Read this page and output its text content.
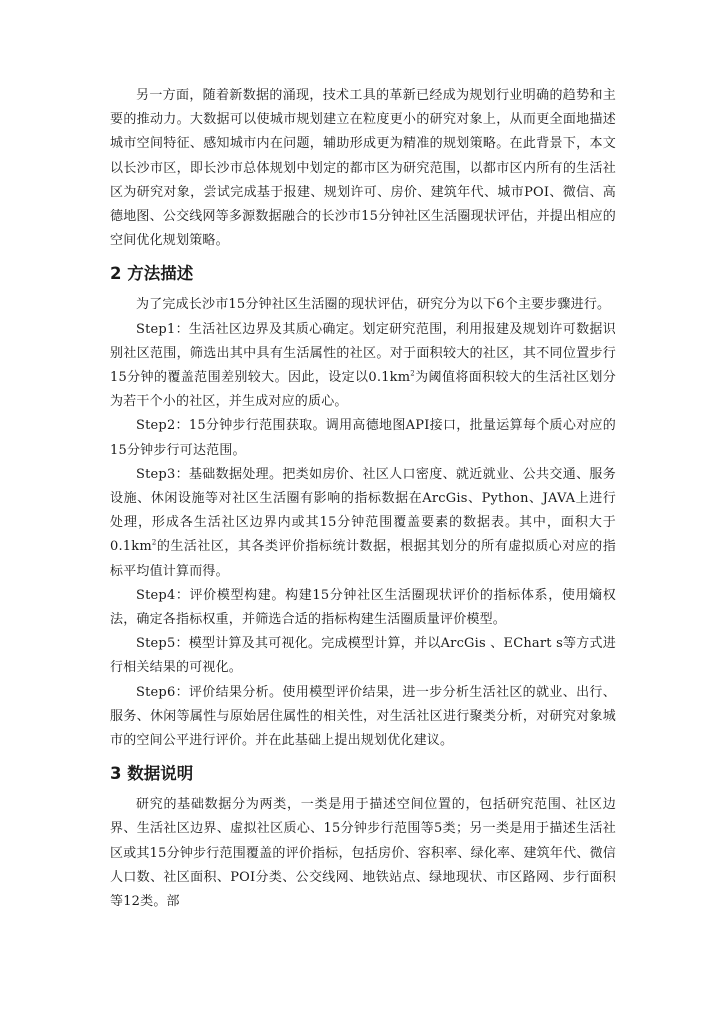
另一方面，随着新数据的涌现，技术工具的革新已经成为规划行业明确的趋势和主要的推动力。大数据可以使城市规划建立在粒度更小的研究对象上，从而更全面地描述城市空间特征、感知城市内在问题，辅助形成更为精准的规划策略。在此背景下，本文以长沙市区，即长沙市总体规划中划定的都市区为研究范围，以都市区内所有的生活社区为研究对象，尝试完成基于报建、规划许可、房价、建筑年代、城市POI、微信、高德地图、公交线网等多源数据融合的长沙市15分钟社区生活圈现状评估，并提出相应的空间优化规划策略。

2 方法描述

为了完成长沙市15分钟社区生活圈的现状评估，研究分为以下6个主要步骤进行。

Step1：生活社区边界及其质心确定。划定研究范围，利用报建及规划许可数据识别社区范围，筛选出其中具有生活属性的社区。对于面积较大的社区，其不同位置步行15分钟的覆盖范围差别较大。因此，设定以$0.1km^2$为阈值将面积较大的生活社区划分为若干个小的社区，并生成对应的质心。

Step2：15分钟步行范围获取。调用高德地图API接口，批量运算每个质心对应的15分钟步行可达范围。

Step3：基础数据处理。把类如房价、社区人口密度、就近就业、公共交通、服务设施、休闲设施等对社区生活圈有影响的指标数据在ArcGis、Python、JAVA上进行处理，形成各生活社区边界内或其15分钟范围覆盖要素的数据表。其中，面积大于$0.1km^2$的生活社区，其各类评价指标统计数据，根据其划分的所有虚拟质心对应的指标平均值计算而得。

Step4：评价模型构建。构建15分钟社区生活圈现状评价的指标体系，使用熵权法，确定各指标权重，并筛选合适的指标构建生活圈质量评价模型。

Step5：模型计算及其可视化。完成模型计算，并以ArcGis 、EChart s等方式进行相关结果的可视化。

Step6：评价结果分析。使用模型评价结果，进一步分析生活社区的就业、出行、服务、休闲等属性与原始居住属性的相关性，对生活社区进行聚类分析，对研究对象城市的空间公平进行评价。并在此基础上提出规划优化建议。

3 数据说明

研究的基础数据分为两类，一类是用于描述空间位置的，包括研究范围、社区边界、生活社区边界、虚拟社区质心、15分钟步行范围等5类；另一类是用于描述生活社区或其15分钟步行范围覆盖的评价指标，包括房价、容积率、绿化率、建筑年代、微信人口数、社区面积、POI分类、公交线网、地铁站点、绿地现状、市区路网、步行面积等12类。部
